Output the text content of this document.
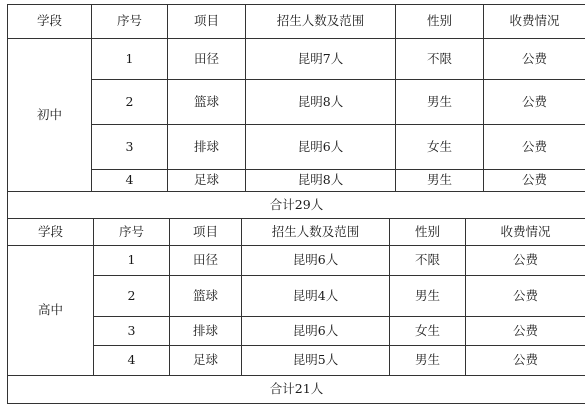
学段	序号	项目	招生人数及范围	性别	收费情况
初中	1	田径	昆明7人	不限	公费
	2	篮球	昆明8人	男生	公费
	3	排球	昆明6人	女生	公费
	4	足球	昆明8人	男生	公费
合计29人					
学段	序号	项目	招生人数及范围	性别	收费情况
高中	1	田径	昆明6人	不限	公费
	2	篮球	昆明4人	男生	公费
	3	排球	昆明6人	女生	公费
	4	足球	昆明5人	男生	公费
合计21人					
